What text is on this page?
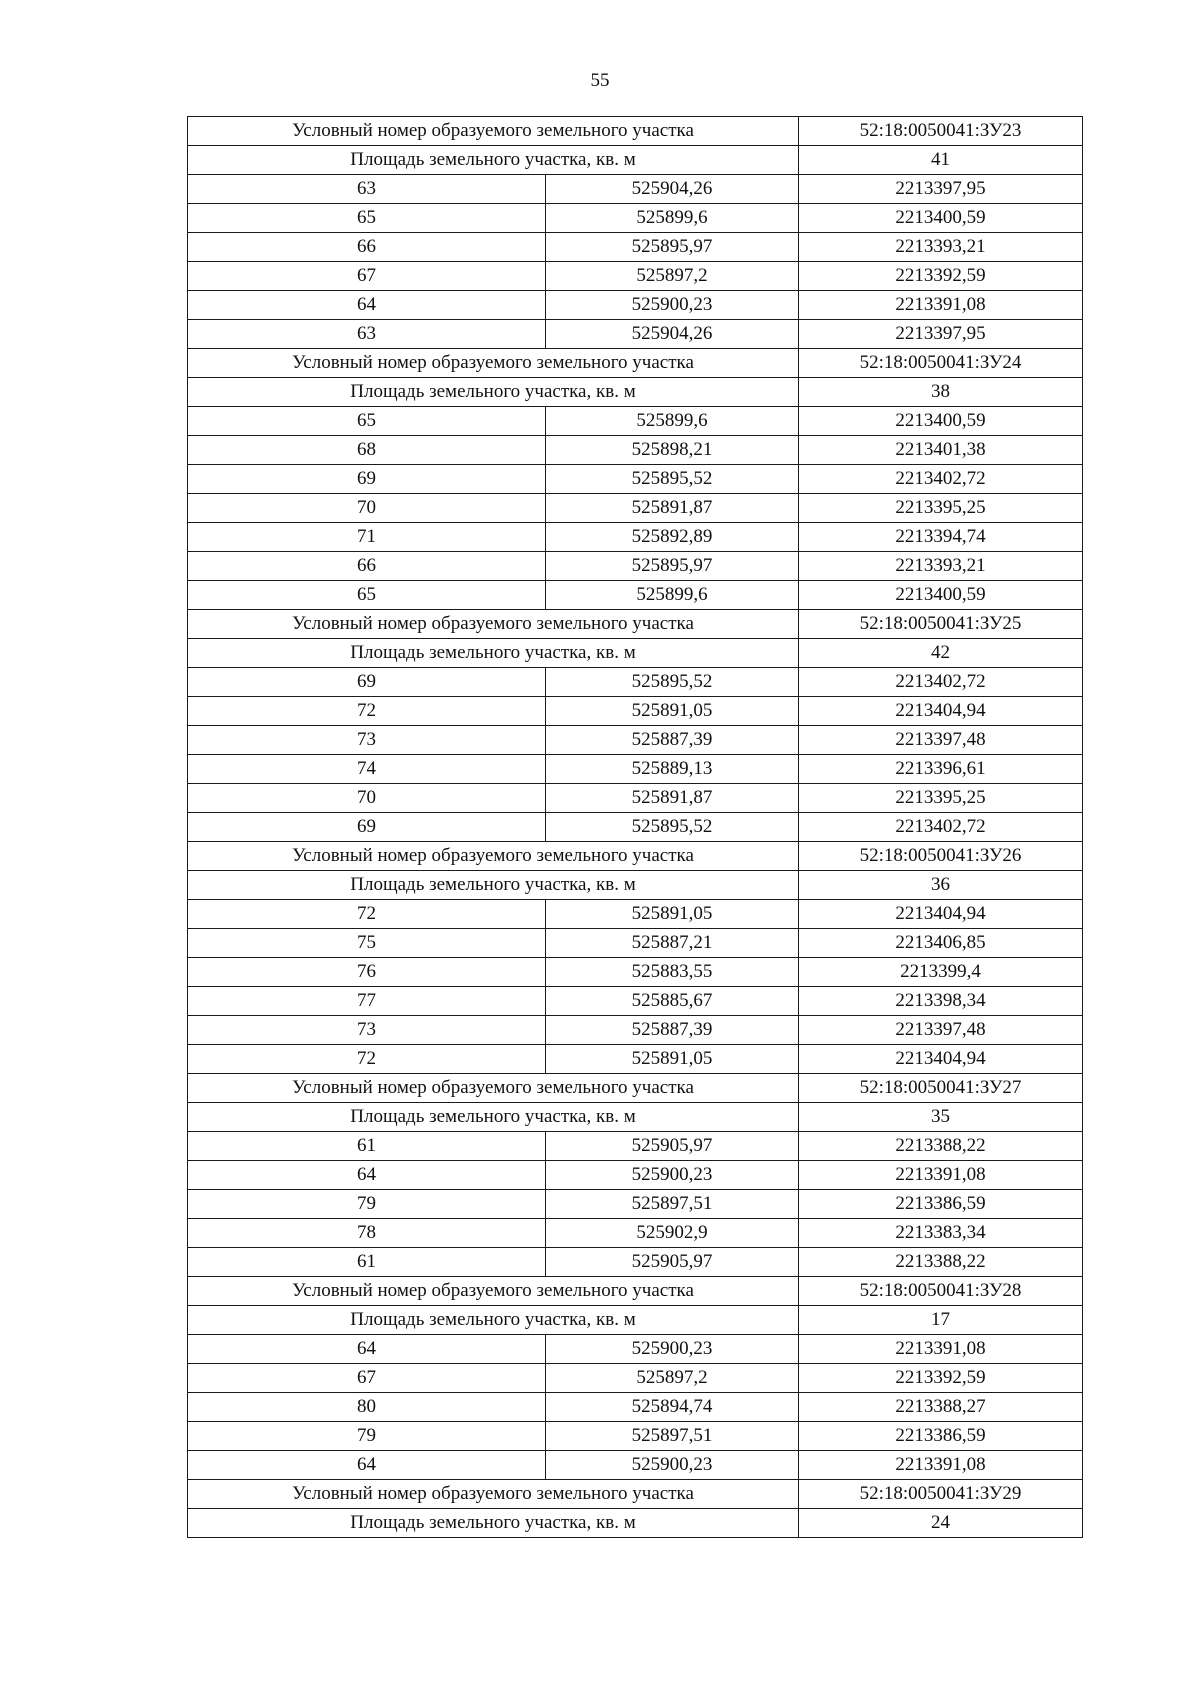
55
Условный номер образуемого земельного участка		52:18:0050041:ЗУ23
Площадь земельного участка, кв. м		41
63	525904,26	2213397,95
65	525899,6	2213400,59
66	525895,97	2213393,21
67	525897,2	2213392,59
64	525900,23	2213391,08
63	525904,26	2213397,95
Условный номер образуемого земельного участка		52:18:0050041:ЗУ24
Площадь земельного участка, кв. м		38
65	525899,6	2213400,59
68	525898,21	2213401,38
69	525895,52	2213402,72
70	525891,87	2213395,25
71	525892,89	2213394,74
66	525895,97	2213393,21
65	525899,6	2213400,59
Условный номер образуемого земельного участка		52:18:0050041:ЗУ25
Площадь земельного участка, кв. м		42
69	525895,52	2213402,72
72	525891,05	2213404,94
73	525887,39	2213397,48
74	525889,13	2213396,61
70	525891,87	2213395,25
69	525895,52	2213402,72
Условный номер образуемого земельного участка		52:18:0050041:ЗУ26
Площадь земельного участка, кв. м		36
72	525891,05	2213404,94
75	525887,21	2213406,85
76	525883,55	2213399,4
77	525885,67	2213398,34
73	525887,39	2213397,48
72	525891,05	2213404,94
Условный номер образуемого земельного участка		52:18:0050041:ЗУ27
Площадь земельного участка, кв. м		35
61	525905,97	2213388,22
64	525900,23	2213391,08
79	525897,51	2213386,59
78	525902,9	2213383,34
61	525905,97	2213388,22
Условный номер образуемого земельного участка		52:18:0050041:ЗУ28
Площадь земельного участка, кв. м		17
64	525900,23	2213391,08
67	525897,2	2213392,59
80	525894,74	2213388,27
79	525897,51	2213386,59
64	525900,23	2213391,08
Условный номер образуемого земельного участка		52:18:0050041:ЗУ29
Площадь земельного участка, кв. м		24
